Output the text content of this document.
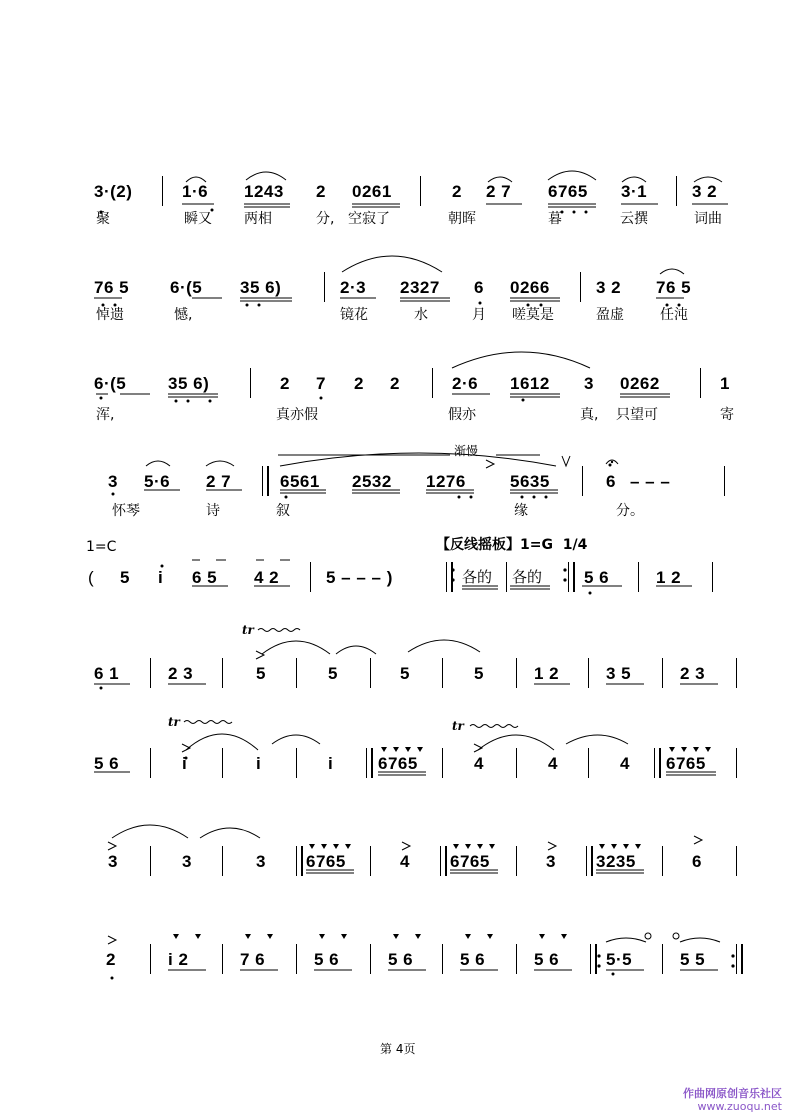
tr
tr	tr
3·(2)	1·6 1243 2 0261	2 2 7 6765 3·1	3 2
聚	瞬又 两相	分, 空寂了	朝晖	暮	云撰	词曲
76 5 6·(5 35 6)	2·3 2327 6 0266	3 2 76 5
悼遗	憾,	镜花	水	月 嗟莫是	盈虚	任沌
6·(5 35 6)	2 7 2 2	2·6 1612 3 0262	1
浑,	真亦假	假亦	真, 只望可	寄
渐慢
3 5·6 2 7	6561 2532 1276	5635	6 – – –
怀琴	诗	叙	缘	分。
1=C	【反线摇板】1=G  1/4
( 5 i 6 5 4 2	5 – – – )	各的 各的 5 6	1 2
6 1	2 3	5	5	5	5	1 2	3 5	2 3
5 6	i	i	i	6765	4	4	4 6765
3	3	3 6765	4 6765	3 3235	6
2	i 2	7 6	5 6	5 6	5 6	5 6	5·5	5 5
第 4页
作曲网原创音乐社区
www.zuoqu.net
